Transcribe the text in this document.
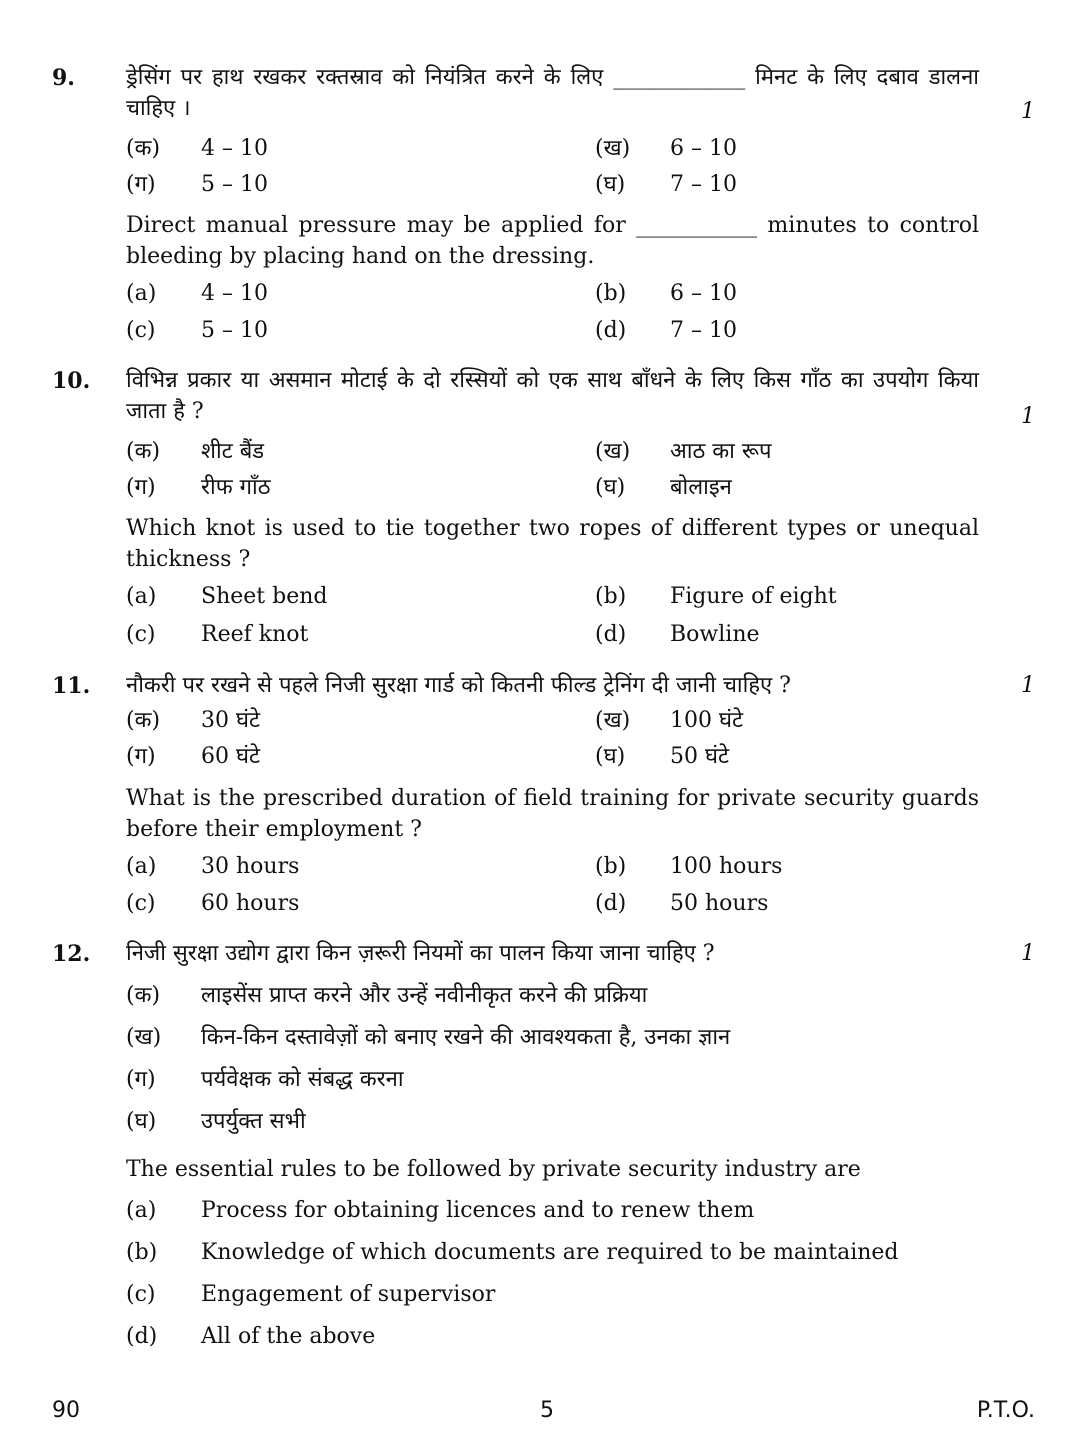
9.
1
ड्रेसिंग पर हाथ रखकर रक्तस्राव को नियंत्रित करने के लिए ____________ मिनट के लिए दबाव डालना चाहिए ।
(क) 4 – 10	(ख) 6 – 10
(ग) 5 – 10	(घ) 7 – 10
Direct manual pressure may be applied for ___________ minutes to control bleeding by placing hand on the dressing.
(a) 4 – 10	(b) 6 – 10
(c) 5 – 10	(d) 7 – 10
10.
1
विभिन्न प्रकार या असमान मोटाई के दो रस्सियों को एक साथ बाँधने के लिए किस गाँठ का उपयोग किया जाता है ?
(क) शीट बैंड	(ख) आठ का रूप
(ग) रीफ गाँठ	(घ) बोलाइन
Which knot is used to tie together two ropes of different types or unequal thickness ?
(a) Sheet bend	(b) Figure of eight
(c) Reef knot	(d) Bowline
11.	1
नौकरी पर रखने से पहले निजी सुरक्षा गार्ड को कितनी फील्ड ट्रेनिंग दी जानी चाहिए ?
(क) 30 घंटे	(ख) 100 घंटे
(ग) 60 घंटे	(घ) 50 घंटे
What is the prescribed duration of field training for private security guards before their employment ?
(a) 30 hours	(b) 100 hours
(c) 60 hours	(d) 50 hours
12.	1
निजी सुरक्षा उद्योग द्वारा किन ज़रूरी नियमों का पालन किया जाना चाहिए ?
(क) लाइसेंस प्राप्त करने और उन्हें नवीनीकृत करने की प्रक्रिया
(ख) किन-किन दस्तावेज़ों को बनाए रखने की आवश्यकता है, उनका ज्ञान
(ग) पर्यवेक्षक को संबद्ध करना
(घ) उपर्युक्त सभी
The essential rules to be followed by private security industry are
(a) Process for obtaining licences and to renew them
(b) Knowledge of which documents are required to be maintained
(c) Engagement of supervisor
(d) All of the above
90	5	P.T.O.
